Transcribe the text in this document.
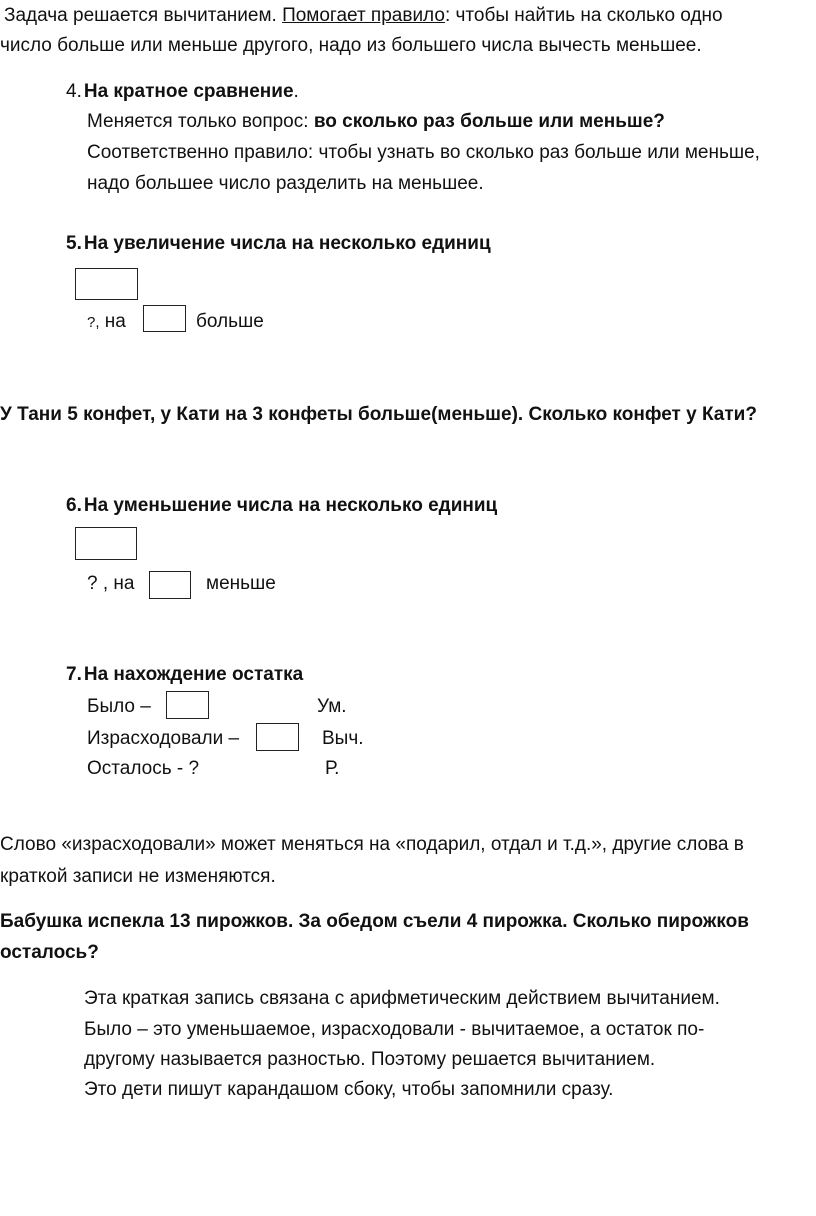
Задача решается вычитанием. Помогает правило: чтобы найтиь на сколько одно
число больше или меньше другого, надо из большего числа вычесть меньшее.
4. На кратное сравнение.
Меняется только вопрос: во сколько раз больше или меньше?
Соответственно правило: чтобы узнать во сколько раз больше или меньше,
надо большее число разделить на меньшее.
5. На увеличение числа на несколько единиц
?, на	больше
У Тани 5 конфет, у Кати на 3 конфеты больше(меньше). Сколько конфет у Кати?
6. На уменьшение числа на несколько единиц
? , на	меньше
7. На нахождение остатка
Было –	Ум.
Израсходовали –	Выч.
Осталось - ?	Р.
Слово «израсходовали» может меняться на «подарил, отдал и т.д.», другие слова в
краткой записи не изменяются.
Бабушка испекла 13 пирожков. За обедом съели 4 пирожка. Сколько пирожков
осталось?
Эта краткая запись связана с арифметическим действием вычитанием.
Было – это уменьшаемое, израсходовали - вычитаемое, а остаток по-
другому называется разностью. Поэтому решается вычитанием.
Это дети пишут карандашом сбоку, чтобы запомнили сразу.
